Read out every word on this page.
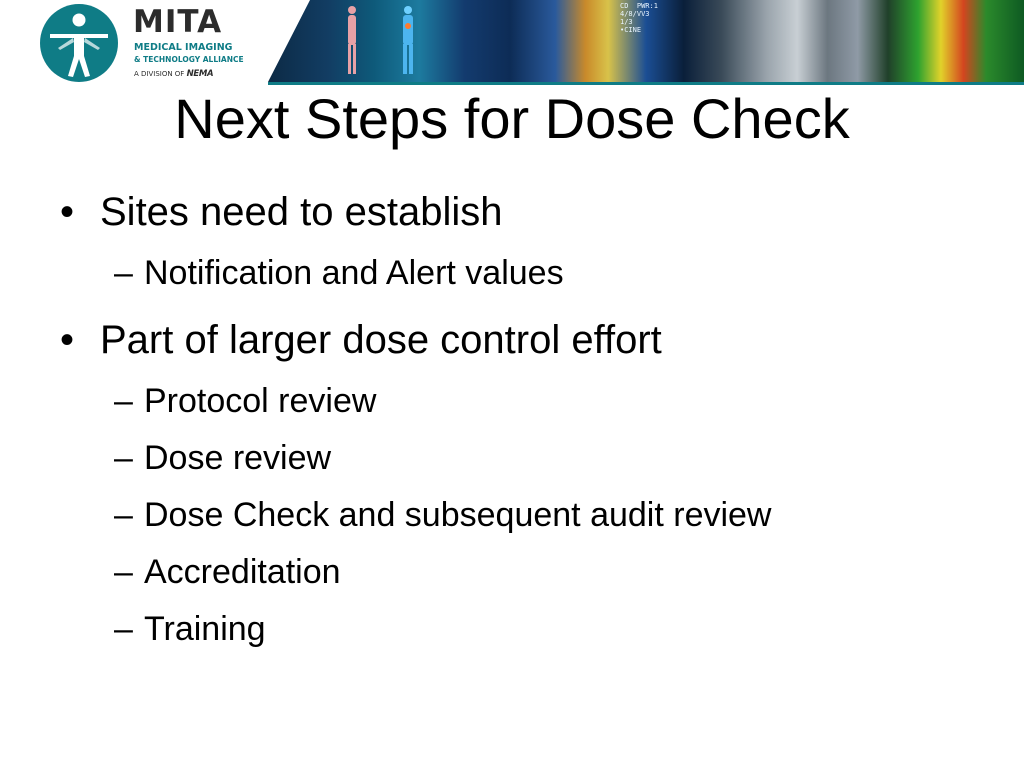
MITA
MEDICAL IMAGING
& TECHNOLOGY ALLIANCE
A DIVISION OF NEMA
CD  PWR:1
4/8/VV3
1/3
•CINE
Next Steps for Dose Check
• Sites need to establish
– Notification and Alert values
• Part of larger dose control effort
– Protocol review
– Dose review
– Dose Check and subsequent audit review
– Accreditation
– Training
